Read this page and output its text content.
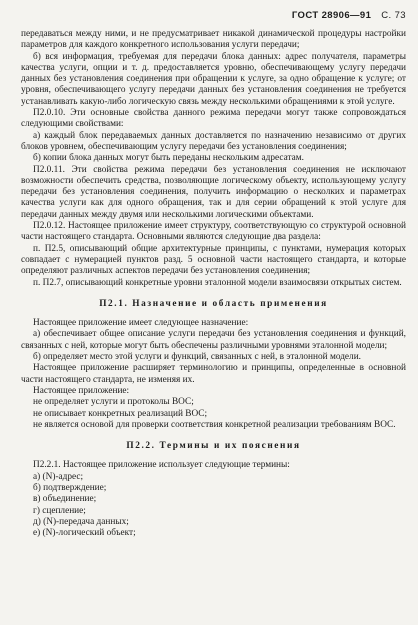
ГОСТ 28906—91 С. 73

передаваться между ними, и не предусматривает никакой динамической процедуры настройки параметров для каждого конкретного использования услуги передачи;

б) вся информация, требуемая для передачи блока данных: адрес получателя, параметры качества услуги, опции и т. д. предоставляется уровню, обеспечивающему услугу передачи данных без установления соединения при обращении к услуге, за одно обращение к услуге; от уровня, обеспечивающего услугу передачи данных без установления соединения не требуется устанавливать какую-либо логическую связь между несколькими обращениями к этой услуге.

П2.0.10. Эти основные свойства данного режима передачи могут также сопровождаться следующими свойствами:

а) каждый блок передаваемых данных доставляется по назначению независимо от других блоков уровнем, обеспечивающим услугу передачи без установления соединения;

б) копии блока данных могут быть переданы нескольким адресатам.

П2.0.11. Эти свойства режима передачи без установления соединения не исключают возможности обеспечить средства, позволяющие логическому объекту, использующему услугу передачи без установления соединения, получить информацию о несколких и параметрах качества услуги как для одного обращения, так и для серии обращений к этой услуге для передачи данных между двумя или несколькими логическими объектами.

П2.0.12. Настоящее приложение имеет структуру, соответствующую со структурой основной части настоящего стандарта. Основными являются следующие два раздела:

п. П2.5, описывающий общие архитектурные принципы, с пунктами, нумерация которых совпадает с нумерацией пунктов разд. 5 основной части настоящего стандарта, и которые определяют различных аспектов передачи без установления соединения;

п. П2.7, описывающий конкретные уровни эталонной модели взаимосвязи открытых систем.

П2.1. Назначение и область применения

Настоящее приложение имеет следующее назначение:

а) обеспечивает общее описание услуги передачи без установления соединения и функций, связанных с ней, которые могут быть обеспечены различными уровнями эталонной модели;

б) определяет место этой услуги и функций, связанных с ней, в эталонной модели.

Настоящее приложение расширяет терминологию и принципы, определенные в основной части настоящего стандарта, не изменяя их.

Настоящее приложение:

не определяет услуги и протоколы ВОС;

не описывает конкретных реализаций ВОС;

не является основой для проверки соответствия конкретной реализации требованиям ВОС.

П2.2. Термины и их пояснения

П2.2.1. Настоящее приложение использует следующие термины:

а) (N)-адрес;

б) подтверждение;

в) объединение;

г) сцепление;

д) (N)-передача данных;

е) (N)-логический объект;
